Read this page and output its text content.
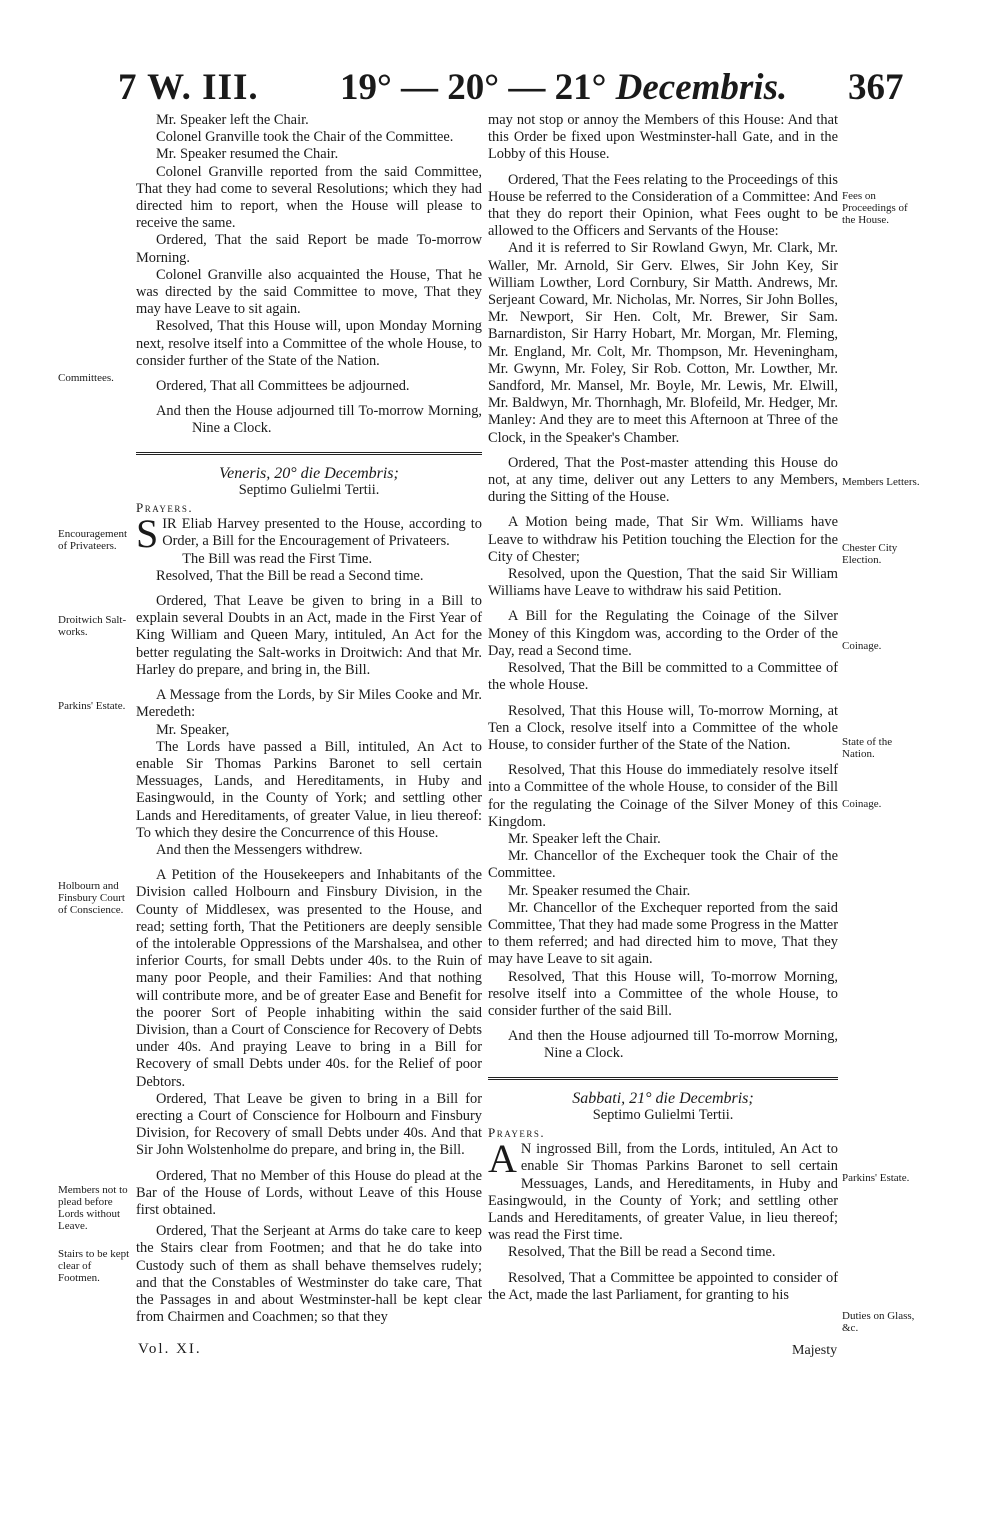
7 W. III. 19° — 20° — 21° Decembris. 367

Mr. Speaker left the Chair.

Colonel Granville took the Chair of the Committee.

Mr. Speaker resumed the Chair.

Colonel Granville reported from the said Committee, That they had come to several Resolutions; which they had directed him to report, when the House will please to receive the same.

Ordered, That the said Report be made To-morrow Morning.

Colonel Granville also acquainted the House, That he was directed by the said Committee to move, That they may have Leave to sit again.

Resolved, That this House will, upon Monday Morning next, resolve itself into a Committee of the whole House, to consider further of the State of the Nation.

Ordered, That all Committees be adjourned.

And then the House adjourned till To-morrow Morning, Nine a Clock.

Veneris, 20° die Decembris;

Septimo Gulielmi Tertii.

Prayers.

SIR Eliab Harvey presented to the House, according to Order, a Bill for the Encouragement of Privateers.

The Bill was read the First Time.

Resolved, That the Bill be read a Second time.

Ordered, That Leave be given to bring in a Bill to explain several Doubts in an Act, made in the First Year of King William and Queen Mary, intituled, An Act for the better regulating the Salt-works in Droitwich: And that Mr. Harley do prepare, and bring in, the Bill.

A Message from the Lords, by Sir Miles Cooke and Mr. Meredeth:

Mr. Speaker,

The Lords have passed a Bill, intituled, An Act to enable Sir Thomas Parkins Baronet to sell certain Messuages, Lands, and Hereditaments, in Huby and Easingwould, in the County of York; and settling other Lands and Hereditaments, of greater Value, in lieu thereof: To which they desire the Concurrence of this House.

And then the Messengers withdrew.

A Petition of the Housekeepers and Inhabitants of the Division called Holbourn and Finsbury Division, in the County of Middlesex, was presented to the House, and read; setting forth, That the Petitioners are deeply sensible of the intolerable Oppressions of the Marshalsea, and other inferior Courts, for small Debts under 40s. to the Ruin of many poor People, and their Families: And that nothing will contribute more, and be of greater Ease and Benefit for the poorer Sort of People inhabiting within the said Division, than a Court of Conscience for Recovery of Debts under 40s. And praying Leave to bring in a Bill for Recovery of small Debts under 40s. for the Relief of poor Debtors.

Ordered, That Leave be given to bring in a Bill for erecting a Court of Conscience for Holbourn and Finsbury Division, for Recovery of small Debts under 40s. And that Sir John Wolstenholme do prepare, and bring in, the Bill.

Ordered, That no Member of this House do plead at the Bar of the House of Lords, without Leave of this House first obtained.

Ordered, That the Serjeant at Arms do take care to keep the Stairs clear from Footmen; and that he do take into Custody such of them as shall behave themselves rudely; and that the Constables of Westminster do take care, That the Passages in and about Westminster-hall be kept clear from Chairmen and Coachmen; so that they

may not stop or annoy the Members of this House: And that this Order be fixed upon Westminster-hall Gate, and in the Lobby of this House.

Ordered, That the Fees relating to the Proceedings of this House be referred to the Consideration of a Committee: And that they do report their Opinion, what Fees ought to be allowed to the Officers and Servants of the House:

And it is referred to Sir Rowland Gwyn, Mr. Clark, Mr. Waller, Mr. Arnold, Sir Gerv. Elwes, Sir John Key, Sir William Lowther, Lord Cornbury, Sir Matth. Andrews, Mr. Serjeant Coward, Mr. Nicholas, Mr. Norres, Sir John Bolles, Mr. Newport, Sir Hen. Colt, Mr. Brewer, Sir Sam. Barnardiston, Sir Harry Hobart, Mr. Morgan, Mr. Fleming, Mr. England, Mr. Colt, Mr. Thompson, Mr. Heveningham, Mr. Gwynn, Mr. Foley, Sir Rob. Cotton, Mr. Lowther, Mr. Sandford, Mr. Mansel, Mr. Boyle, Mr. Lewis, Mr. Elwill, Mr. Baldwyn, Mr. Thornhagh, Mr. Blofeild, Mr. Hedger, Mr. Manley: And they are to meet this Afternoon at Three of the Clock, in the Speaker's Chamber.

Ordered, That the Post-master attending this House do not, at any time, deliver out any Letters to any Members, during the Sitting of the House.

A Motion being made, That Sir Wm. Williams have Leave to withdraw his Petition touching the Election for the City of Chester;

Resolved, upon the Question, That the said Sir William Williams have Leave to withdraw his said Petition.

A Bill for the Regulating the Coinage of the Silver Money of this Kingdom was, according to the Order of the Day, read a Second time.

Resolved, That the Bill be committed to a Committee of the whole House.

Resolved, That this House will, To-morrow Morning, at Ten a Clock, resolve itself into a Committee of the whole House, to consider further of the State of the Nation.

Resolved, That this House do immediately resolve itself into a Committee of the whole House, to consider of the Bill for the regulating the Coinage of the Silver Money of this Kingdom.

Mr. Speaker left the Chair.

Mr. Chancellor of the Exchequer took the Chair of the Committee.

Mr. Speaker resumed the Chair.

Mr. Chancellor of the Exchequer reported from the said Committee, That they had made some Progress in the Matter to them referred; and had directed him to move, That they may have Leave to sit again.

Resolved, That this House will, To-morrow Morning, resolve itself into a Committee of the whole House, to consider further of the said Bill.

And then the House adjourned till To-morrow Morning, Nine a Clock.

Sabbati, 21° die Decembris;

Septimo Gulielmi Tertii.

Prayers.

A N ingrossed Bill, from the Lords, intituled, An Act to enable Sir Thomas Parkins Baronet to sell certain Messuages, Lands, and Hereditaments, in Huby and Easingwould, in the County of York; and settling other Lands and Hereditaments, of greater Value, in lieu thereof; was read the First time.

Resolved, That the Bill be read a Second time.

Resolved, That a Committee be appointed to consider of the Act, made the last Parliament, for granting to his

Committees.
Encouragement of Privateers.
Droitwich Salt-works.
Parkins' Estate.
Holbourn and Finsbury Court of Conscience.
Members not to plead before Lords without Leave.
Stairs to be kept clear of Footmen.
Fees on Proceedings of the House.
Members Letters.
Chester City Election.
Coinage.
State of the Nation.
Coinage.
Parkins' Estate.
Duties on Glass, &c.
Vol. XI.	Majesty
